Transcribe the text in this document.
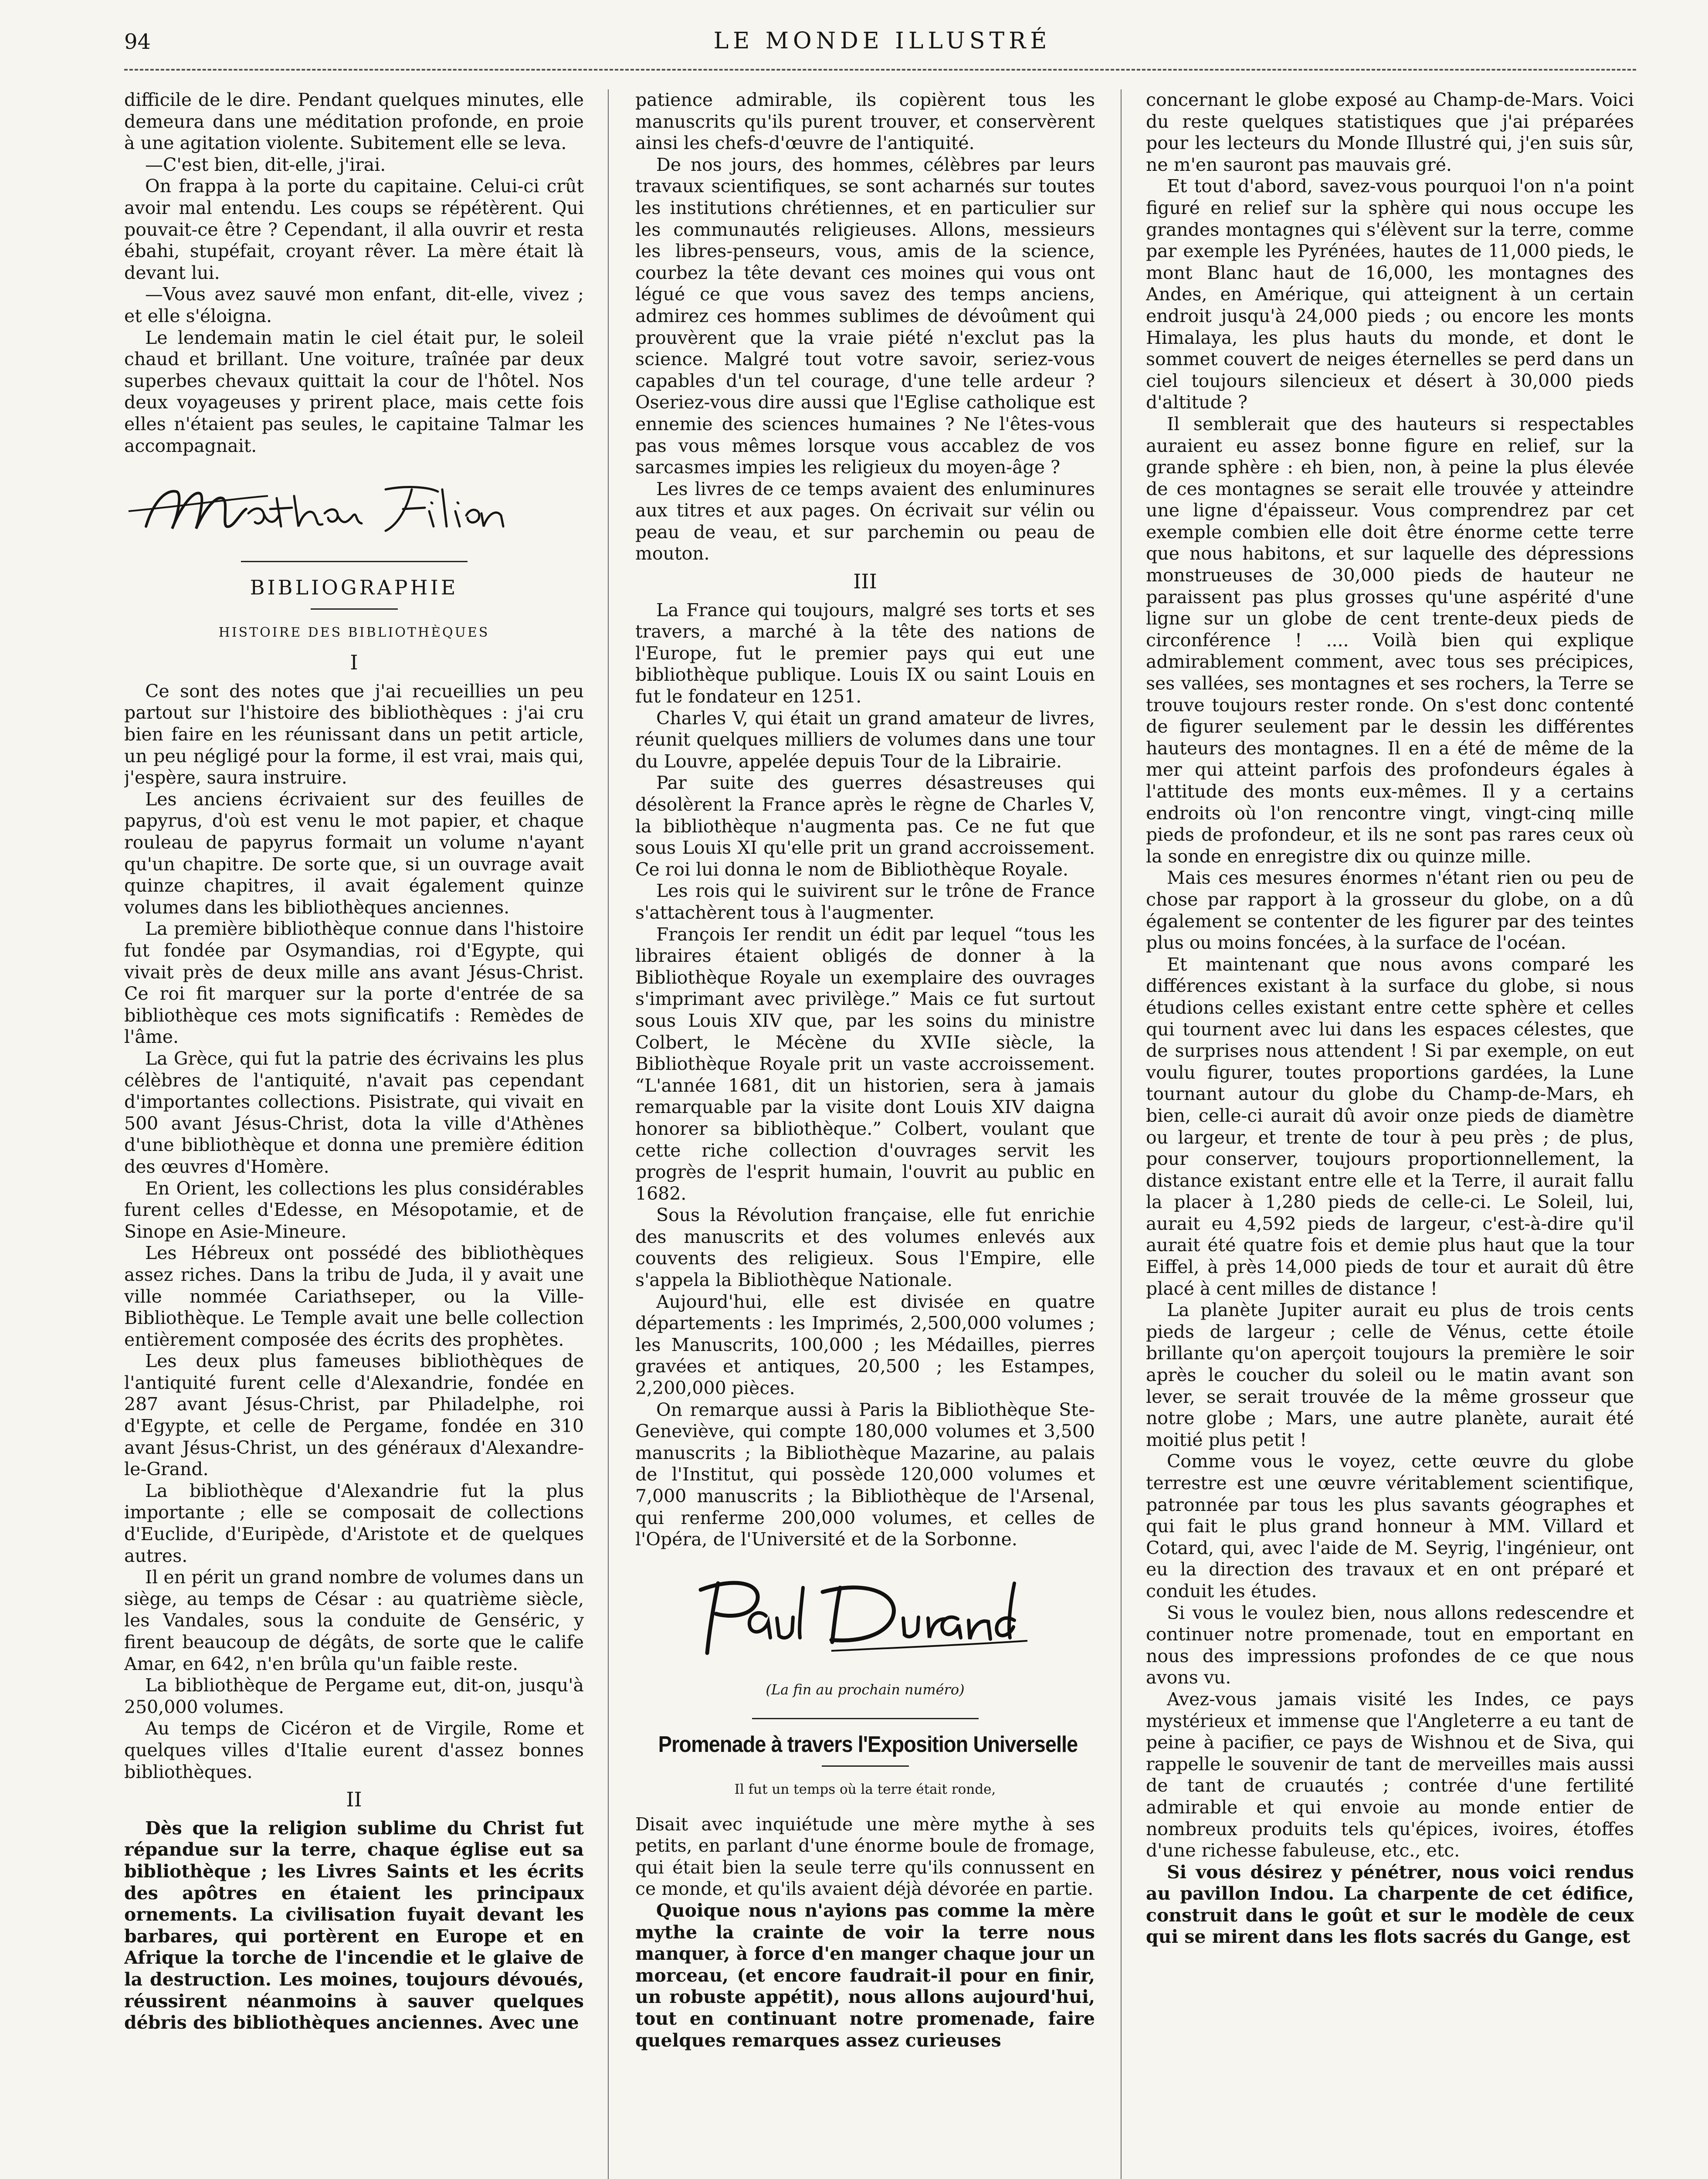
94	LE MONDE ILLUSTRÉ

difficile de le dire. Pendant quelques minutes, elle demeura dans une méditation profonde, en proie à une agitation violente. Subitement elle se leva.

—C'est bien, dit-elle, j'irai.

On frappa à la porte du capitaine. Celui-ci crût avoir mal entendu. Les coups se répétèrent. Qui pouvait-ce être ? Cependant, il alla ouvrir et resta ébahi, stupéfait, croyant rêver. La mère était là devant lui.

—Vous avez sauvé mon enfant, dit-elle, vivez ; et elle s'éloigna.

Le lendemain matin le ciel était pur, le soleil chaud et brillant. Une voiture, traînée par deux superbes chevaux quittait la cour de l'hôtel. Nos deux voyageuses y prirent place, mais cette fois elles n'étaient pas seules, le capitaine Talmar les accompagnait.

BIBLIOGRAPHIE
HISTOIRE DES BIBLIOTHÈQUES
I

Ce sont des notes que j'ai recueillies un peu partout sur l'histoire des bibliothèques : j'ai cru bien faire en les réunissant dans un petit article, un peu négligé pour la forme, il est vrai, mais qui, j'espère, saura instruire.

Les anciens écrivaient sur des feuilles de papyrus, d'où est venu le mot papier, et chaque rouleau de papyrus formait un volume n'ayant qu'un chapitre. De sorte que, si un ouvrage avait quinze chapitres, il avait également quinze volumes dans les bibliothèques anciennes.

La première bibliothèque connue dans l'histoire fut fondée par Osymandias, roi d'Egypte, qui vivait près de deux mille ans avant Jésus-Christ. Ce roi fit marquer sur la porte d'entrée de sa bibliothèque ces mots significatifs : Remèdes de l'âme.

La Grèce, qui fut la patrie des écrivains les plus célèbres de l'antiquité, n'avait pas cependant d'importantes collections. Pisistrate, qui vivait en 500 avant Jésus-Christ, dota la ville d'Athènes d'une bibliothèque et donna une première édition des œuvres d'Homère.

En Orient, les collections les plus considérables furent celles d'Edesse, en Mésopotamie, et de Sinope en Asie-Mineure.

Les Hébreux ont possédé des bibliothèques assez riches. Dans la tribu de Juda, il y avait une ville nommée Cariathseper, ou la Ville-Bibliothèque. Le Temple avait une belle collection entièrement composée des écrits des prophètes.

Les deux plus fameuses bibliothèques de l'antiquité furent celle d'Alexandrie, fondée en 287 avant Jésus-Christ, par Philadelphe, roi d'Egypte, et celle de Pergame, fondée en 310 avant Jésus-Christ, un des généraux d'Alexandre-le-Grand.

La bibliothèque d'Alexandrie fut la plus importante ; elle se composait de collections d'Euclide, d'Euripède, d'Aristote et de quelques autres.

Il en périt un grand nombre de volumes dans un siège, au temps de César : au quatrième siècle, les Vandales, sous la conduite de Genséric, y firent beaucoup de dégâts, de sorte que le calife Amar, en 642, n'en brûla qu'un faible reste.

La bibliothèque de Pergame eut, dit-on, jusqu'à 250,000 volumes.

Au temps de Cicéron et de Virgile, Rome et quelques villes d'Italie eurent d'assez bonnes bibliothèques.

II

Dès que la religion sublime du Christ fut répandue sur la terre, chaque église eut sa bibliothèque ; les Livres Saints et les écrits des apôtres en étaient les principaux ornements. La civilisation fuyait devant les barbares, qui portèrent en Europe et en Afrique la torche de l'incendie et le glaive de la destruction. Les moines, toujours dévoués, réussirent néanmoins à sauver quelques débris des bibliothèques anciennes. Avec une

patience admirable, ils copièrent tous les manuscrits qu'ils purent trouver, et conservèrent ainsi les chefs-d'œuvre de l'antiquité.

De nos jours, des hommes, célèbres par leurs travaux scientifiques, se sont acharnés sur toutes les institutions chrétiennes, et en particulier sur les communautés religieuses. Allons, messieurs les libres-penseurs, vous, amis de la science, courbez la tête devant ces moines qui vous ont légué ce que vous savez des temps anciens, admirez ces hommes sublimes de dévoûment qui prouvèrent que la vraie piété n'exclut pas la science. Malgré tout votre savoir, seriez-vous capables d'un tel courage, d'une telle ardeur ? Oseriez-vous dire aussi que l'Eglise catholique est ennemie des sciences humaines ? Ne l'êtes-vous pas vous mêmes lorsque vous accablez de vos sarcasmes impies les religieux du moyen-âge ?

Les livres de ce temps avaient des enluminures aux titres et aux pages. On écrivait sur vélin ou peau de veau, et sur parchemin ou peau de mouton.

III

La France qui toujours, malgré ses torts et ses travers, a marché à la tête des nations de l'Europe, fut le premier pays qui eut une bibliothèque publique. Louis IX ou saint Louis en fut le fondateur en 1251.

Charles V, qui était un grand amateur de livres, réunit quelques milliers de volumes dans une tour du Louvre, appelée depuis Tour de la Librairie.

Par suite des guerres désastreuses qui désolèrent la France après le règne de Charles V, la bibliothèque n'augmenta pas. Ce ne fut que sous Louis XI qu'elle prit un grand accroissement. Ce roi lui donna le nom de Bibliothèque Royale.

Les rois qui le suivirent sur le trône de France s'attachèrent tous à l'augmenter.

François Ier rendit un édit par lequel “tous les libraires étaient obligés de donner à la Bibliothèque Royale un exemplaire des ouvrages s'imprimant avec privilège.” Mais ce fut surtout sous Louis XIV que, par les soins du ministre Colbert, le Mécène du XVIIe siècle, la Bibliothèque Royale prit un vaste accroissement. “L'année 1681, dit un historien, sera à jamais remarquable par la visite dont Louis XIV daigna honorer sa bibliothèque.” Colbert, voulant que cette riche collection d'ouvrages servit les progrès de l'esprit humain, l'ouvrit au public en 1682.

Sous la Révolution française, elle fut enrichie des manuscrits et des volumes enlevés aux couvents des religieux. Sous l'Empire, elle s'appela la Bibliothèque Nationale.

Aujourd'hui, elle est divisée en quatre départements : les Imprimés, 2,500,000 volumes ; les Manuscrits, 100,000 ; les Médailles, pierres gravées et antiques, 20,500 ; les Estampes, 2,200,000 pièces.

On remarque aussi à Paris la Bibliothèque Ste-Geneviève, qui compte 180,000 volumes et 3,500 manuscrits ; la Bibliothèque Mazarine, au palais de l'Institut, qui possède 120,000 volumes et 7,000 manuscrits ; la Bibliothèque de l'Arsenal, qui renferme 200,000 volumes, et celles de l'Opéra, de l'Université et de la Sorbonne.

(La fin au prochain numéro)
Promenade à travers l'Exposition Universelle
Il fut un temps où la terre était ronde,

Disait avec inquiétude une mère mythe à ses petits, en parlant d'une énorme boule de fromage, qui était bien la seule terre qu'ils connussent en ce monde, et qu'ils avaient déjà dévorée en partie.

Quoique nous n'ayions pas comme la mère mythe la crainte de voir la terre nous manquer, à force d'en manger chaque jour un morceau, (et encore faudrait-il pour en finir, un robuste appétit), nous allons aujourd'hui, tout en continuant notre promenade, faire quelques remarques assez curieuses

concernant le globe exposé au Champ-de-Mars. Voici du reste quelques statistiques que j'ai préparées pour les lecteurs du Monde Illustré qui, j'en suis sûr, ne m'en sauront pas mauvais gré.

Et tout d'abord, savez-vous pourquoi l'on n'a point figuré en relief sur la sphère qui nous occupe les grandes montagnes qui s'élèvent sur la terre, comme par exemple les Pyrénées, hautes de 11,000 pieds, le mont Blanc haut de 16,000, les montagnes des Andes, en Amérique, qui atteignent à un certain endroit jusqu'à 24,000 pieds ; ou encore les monts Himalaya, les plus hauts du monde, et dont le sommet couvert de neiges éternelles se perd dans un ciel toujours silencieux et désert à 30,000 pieds d'altitude ?

Il semblerait que des hauteurs si respectables auraient eu assez bonne figure en relief, sur la grande sphère : eh bien, non, à peine la plus élevée de ces montagnes se serait elle trouvée y atteindre une ligne d'épaisseur. Vous comprendrez par cet exemple combien elle doit être énorme cette terre que nous habitons, et sur laquelle des dépressions monstrueuses de 30,000 pieds de hauteur ne paraissent pas plus grosses qu'une aspérité d'une ligne sur un globe de cent trente-deux pieds de circonférence ! .... Voilà bien qui explique admirablement comment, avec tous ses précipices, ses vallées, ses montagnes et ses rochers, la Terre se trouve toujours rester ronde. On s'est donc contenté de figurer seulement par le dessin les différentes hauteurs des montagnes. Il en a été de même de la mer qui atteint parfois des profondeurs égales à l'attitude des monts eux-mêmes. Il y a certains endroits où l'on rencontre vingt, vingt-cinq mille pieds de profondeur, et ils ne sont pas rares ceux où la sonde en enregistre dix ou quinze mille.

Mais ces mesures énormes n'étant rien ou peu de chose par rapport à la grosseur du globe, on a dû également se contenter de les figurer par des teintes plus ou moins foncées, à la surface de l'océan.

Et maintenant que nous avons comparé les différences existant à la surface du globe, si nous étudions celles existant entre cette sphère et celles qui tournent avec lui dans les espaces célestes, que de surprises nous attendent ! Si par exemple, on eut voulu figurer, toutes proportions gardées, la Lune tournant autour du globe du Champ-de-Mars, eh bien, celle-ci aurait dû avoir onze pieds de diamètre ou largeur, et trente de tour à peu près ; de plus, pour conserver, toujours proportionnellement, la distance existant entre elle et la Terre, il aurait fallu la placer à 1,280 pieds de celle-ci. Le Soleil, lui, aurait eu 4,592 pieds de largeur, c'est-à-dire qu'il aurait été quatre fois et demie plus haut que la tour Eiffel, à près 14,000 pieds de tour et aurait dû être placé à cent milles de distance !

La planète Jupiter aurait eu plus de trois cents pieds de largeur ; celle de Vénus, cette étoile brillante qu'on aperçoit toujours la première le soir après le coucher du soleil ou le matin avant son lever, se serait trouvée de la même grosseur que notre globe ; Mars, une autre planète, aurait été moitié plus petit !

Comme vous le voyez, cette œuvre du globe terrestre est une œuvre véritablement scientifique, patronnée par tous les plus savants géographes et qui fait le plus grand honneur à MM. Villard et Cotard, qui, avec l'aide de M. Seyrig, l'ingénieur, ont eu la direction des travaux et en ont préparé et conduit les études.

Si vous le voulez bien, nous allons redescendre et continuer notre promenade, tout en emportant en nous des impressions profondes de ce que nous avons vu.

Avez-vous jamais visité les Indes, ce pays mystérieux et immense que l'Angleterre a eu tant de peine à pacifier, ce pays de Wishnou et de Siva, qui rappelle le souvenir de tant de merveilles mais aussi de tant de cruautés ; contrée d'une fertilité admirable et qui envoie au monde entier de nombreux produits tels qu'épices, ivoires, étoffes d'une richesse fabuleuse, etc., etc.

Si vous désirez y pénétrer, nous voici rendus au pavillon Indou. La charpente de cet édifice, construit dans le goût et sur le modèle de ceux qui se mirent dans les flots sacrés du Gange, est
